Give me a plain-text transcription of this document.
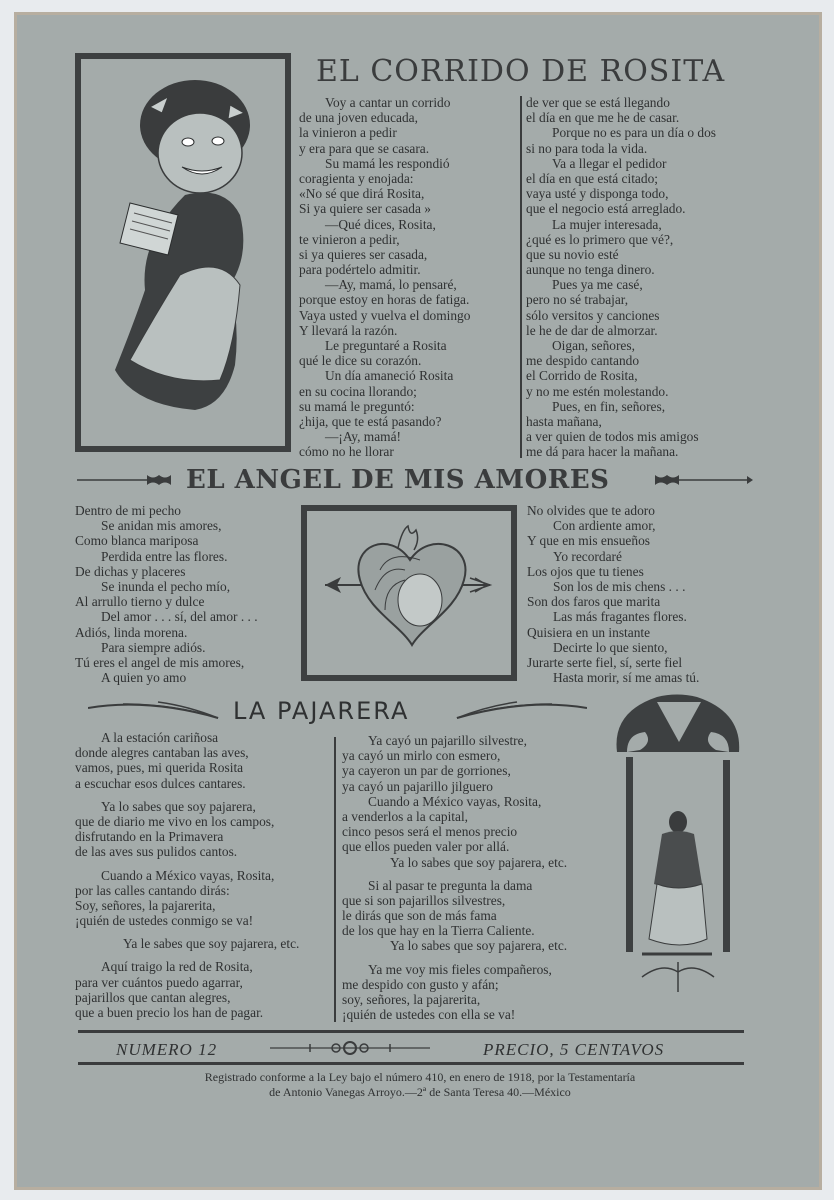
EL CORRIDO DE ROSITA
Voy a cantar un corrido
de una joven educada,
la vinieron a pedir
y era para que se casara.
Su mamá les respondió
coragienta y enojada:
«No sé que dirá Rosita,
Si ya quiere ser casada »
—Qué dices, Rosita,
te vinieron a pedir,
si ya quieres ser casada,
para podértelo admitir.
—Ay, mamá, lo pensaré,
porque estoy en horas de fatiga.
Vaya usted y vuelva el domingo
Y llevará la razón.
Le preguntaré a Rosita
qué le dice su corazón.
Un día amaneció Rosita
en su cocina llorando;
su mamá le preguntó:
¿hija, que te está pasando?
—¡Ay, mamá!
cómo no he llorar
de ver que se está llegando
el día en que me he de casar.
Porque no es para un día o dos
si no para toda la vida.
Va a llegar el pedidor
el día en que está citado;
vaya usté y disponga todo,
que el negocio está arreglado.
La mujer interesada,
¿qué es lo primero que vé?,
que su novio esté
aunque no tenga dinero.
Pues ya me casé,
pero no sé trabajar,
sólo versitos y canciones
le he de dar de almorzar.
Oigan, señores,
me despido cantando
el Corrido de Rosita,
y no me estén molestando.
Pues, en fin, señores,
hasta mañana,
a ver quien de todos mis amigos
me dá para hacer la mañana.
EL ANGEL DE MIS AMORES
Dentro de mi pecho
Se anidan mis amores,
Como blanca mariposa
Perdida entre las flores.
De dichas y placeres
Se inunda el pecho mío,
Al arrullo tierno y dulce
Del amor . . . sí, del amor . . .
Adiós, linda morena.
Para siempre adiós.
Tú eres el angel de mis amores,
A quien yo amo
No olvides que te adoro
Con ardiente amor,
Y que en mis ensueños
Yo recordaré
Los ojos que tu tienes
Son los de mis chens . . .
Son dos faros que marita
Las más fragantes flores.
Quisiera en un instante
Decirte lo que siento,
Jurarte serte fiel, sí, serte fiel
Hasta morir, sí me amas tú.
LA PAJARERA
A la estación cariñosa
donde alegres cantaban las aves,
vamos, pues, mi querida Rosita
a escuchar esos dulces cantares.
Ya lo sabes que soy pajarera,
que de diario me vivo en los campos,
disfrutando en la Primavera
de las aves sus pulidos cantos.
Cuando a México vayas, Rosita,
por las calles cantando dirás:
Soy, señores, la pajarerita,
¡quién de ustedes conmigo se va!
Ya le sabes que soy pajarera, etc.
Aquí traigo la red de Rosita,
para ver cuántos puedo agarrar,
pajarillos que cantan alegres,
que a buen precio los han de pagar.
Ya cayó un pajarillo silvestre,
ya cayó un mirlo con esmero,
ya cayeron un par de gorriones,
ya cayó un pajarillo jilguero
Cuando a México vayas, Rosita,
a venderlos a la capital,
cinco pesos será el menos precio
que ellos pueden valer por allá.
Ya lo sabes que soy pajarera, etc.
Si al pasar te pregunta la dama
que si son pajarillos silvestres,
le dirás que son de más fama
de los que hay en la Tierra Caliente.
Ya lo sabes que soy pajarera, etc.
Ya me voy mis fieles compañeros,
me despido con gusto y afán;
soy, señores, la pajarerita,
¡quién de ustedes con ella se va!
NUMERO 12	PRECIO, 5 CENTAVOS
Registrado conforme a la Ley bajo el número 410, en enero de 1918, por la Testamentaría
de Antonio Vanegas Arroyo.—2ª de Santa Teresa 40.—México
